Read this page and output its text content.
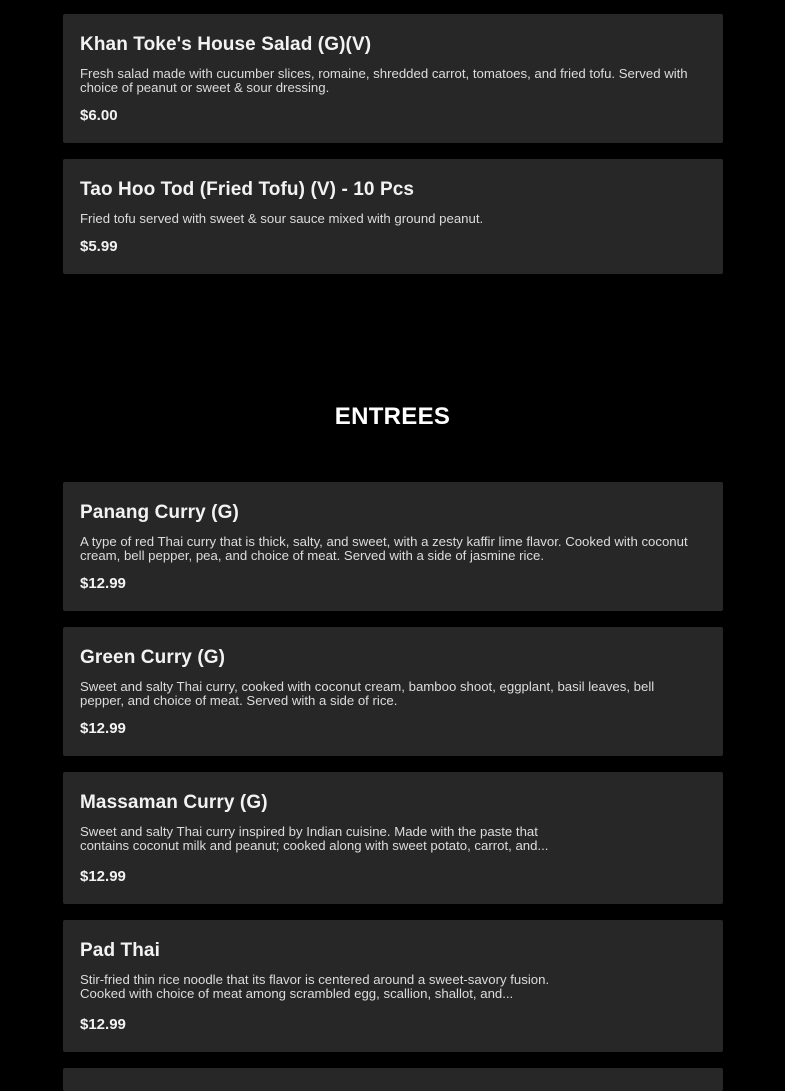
Khan Toke's House Salad (G)(V)
Fresh salad made with cucumber slices, romaine, shredded carrot, tomatoes, and fried tofu. Served with choice of peanut or sweet & sour dressing.
$6.00
Tao Hoo Tod (Fried Tofu) (V) - 10 Pcs
Fried tofu served with sweet & sour sauce mixed with ground peanut.
$5.99
ENTREES
Panang Curry (G)
A type of red Thai curry that is thick, salty, and sweet, with a zesty kaffir lime flavor. Cooked with coconut cream, bell pepper, pea, and choice of meat. Served with a side of jasmine rice.
$12.99
Green Curry (G)
Sweet and salty Thai curry, cooked with coconut cream, bamboo shoot, eggplant, basil leaves, bell pepper, and choice of meat. Served with a side of rice.
$12.99
Massaman Curry (G)
Sweet and salty Thai curry inspired by Indian cuisine. Made with the paste that contains coconut milk and peanut; cooked along with sweet potato, carrot, and...
$12.99
Pad Thai
Stir-fried thin rice noodle that its flavor is centered around a sweet-savory fusion. Cooked with choice of meat among scrambled egg, scallion, shallot, and...
$12.99
